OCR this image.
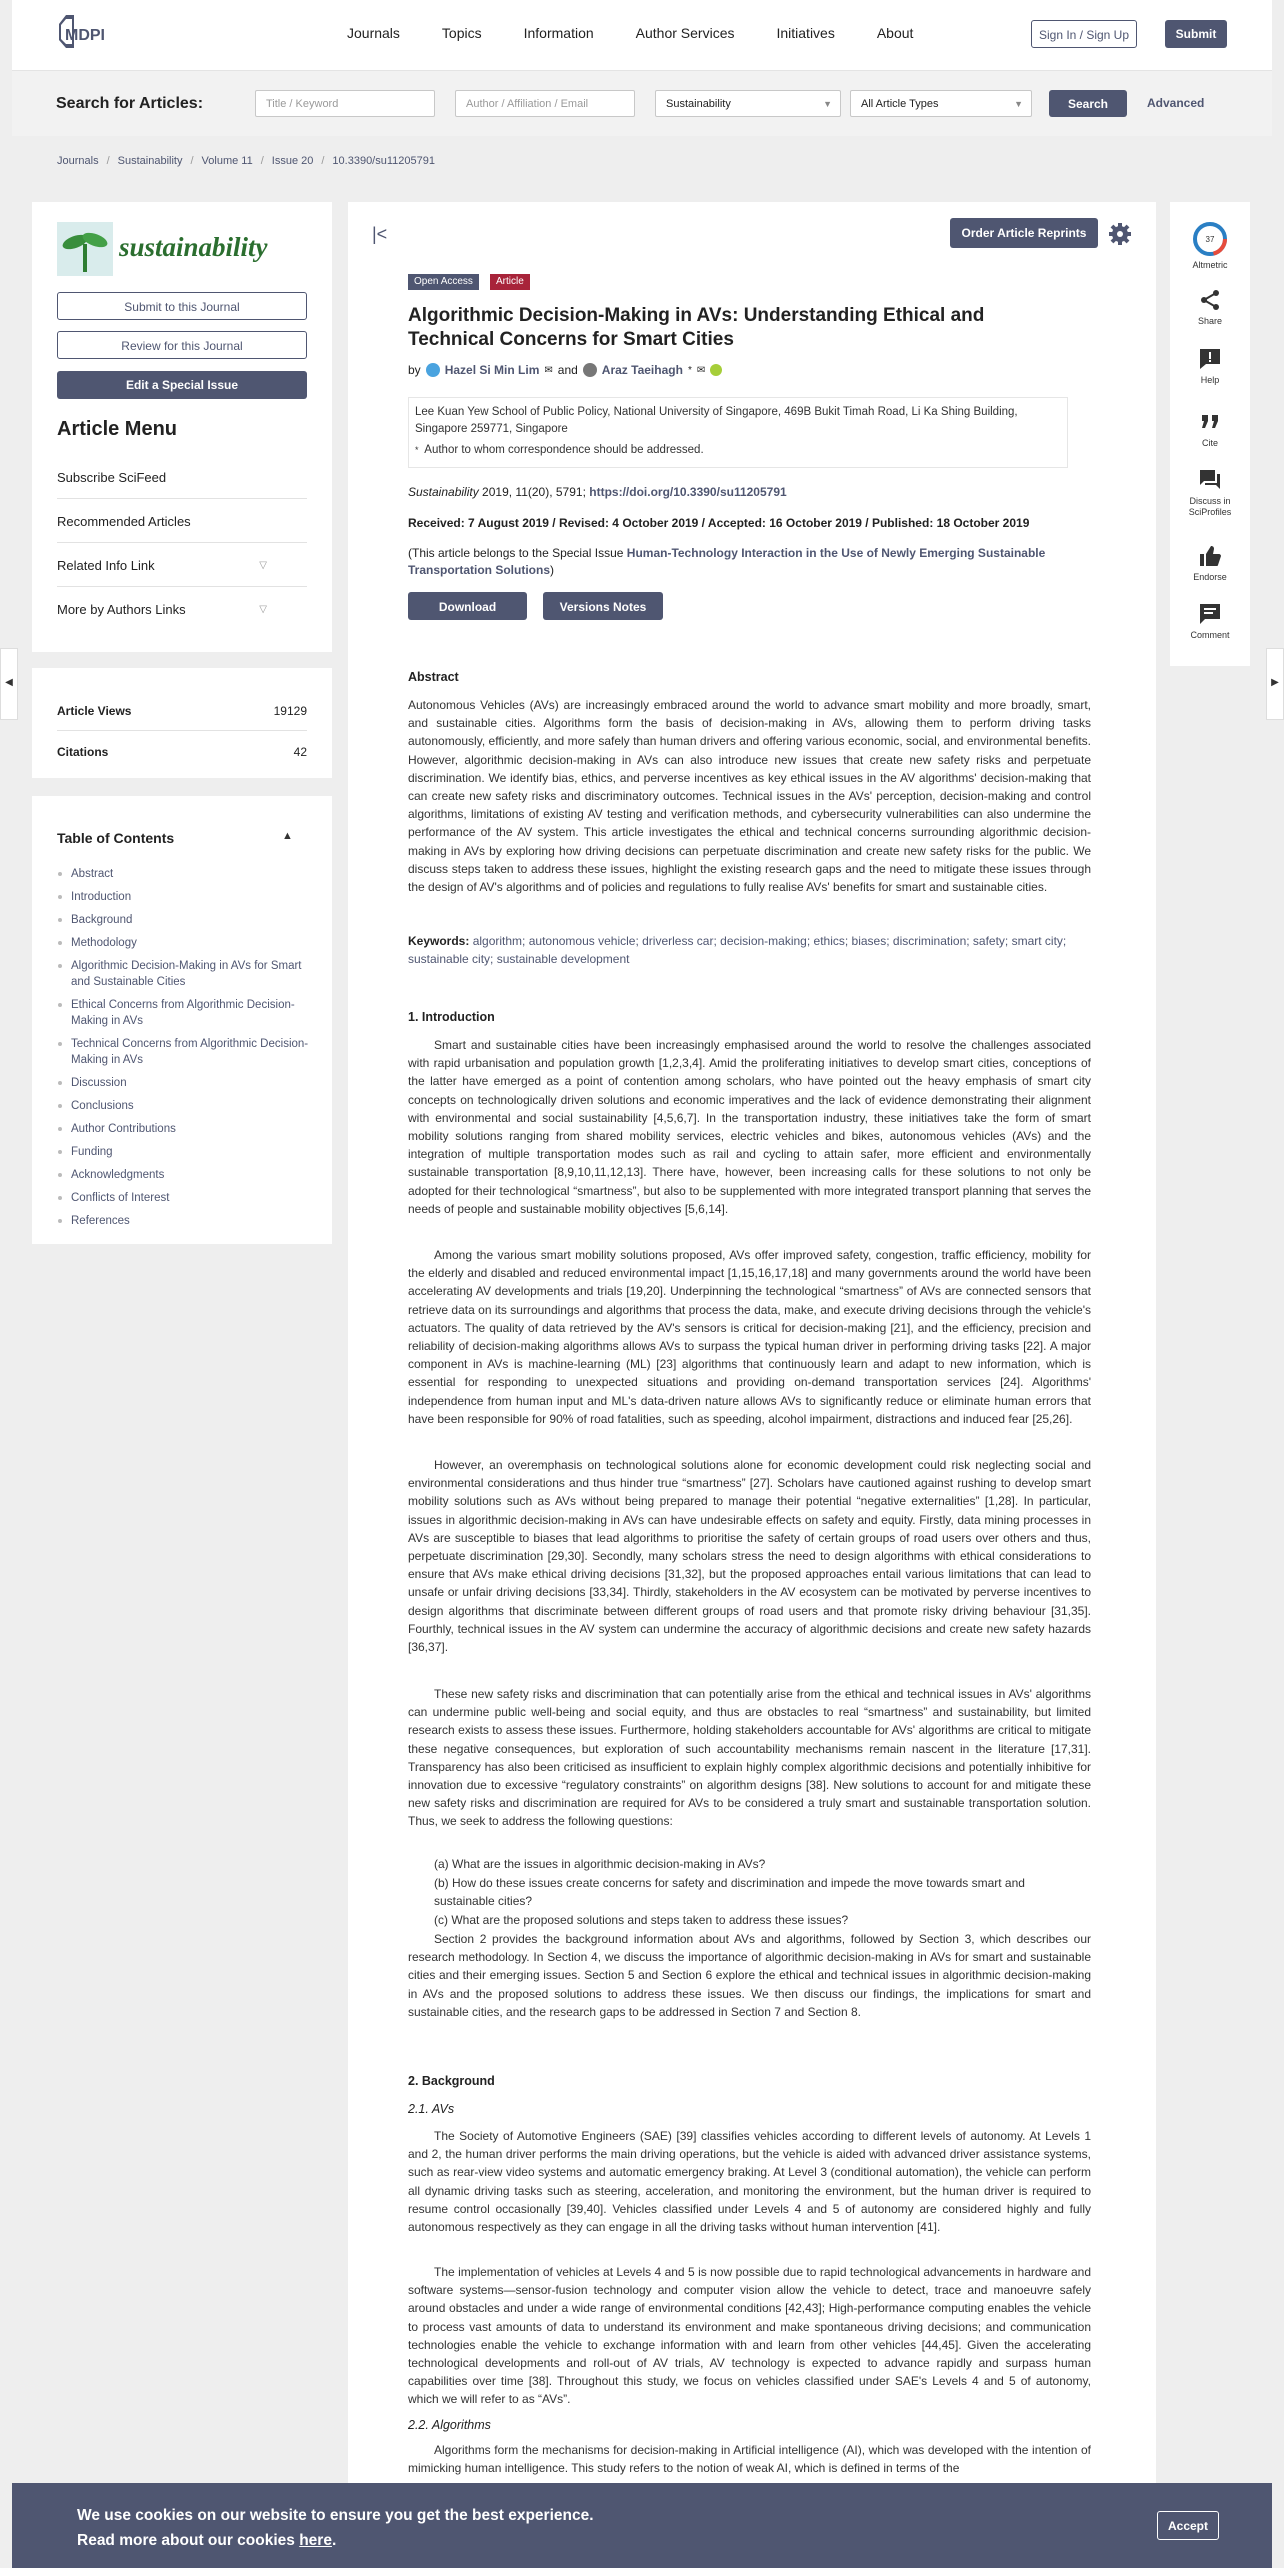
MDPI	Journals	Topics	Information	Author Services	Initiatives	About	Sign In / Sign Up	Submit
Search for Articles:	Title / Keyword	Author / Affiliation / Email	Sustainability	▼	All Article Types	▼	Search	Advanced
Journals / Sustainability / Volume 11 / Issue 20 / 10.3390/su11205791
sustainability
Submit to this Journal
Review for this Journal
Edit a Special Issue
Article Menu
Subscribe SciFeed
Recommended Articles
Related Info Link	▽
More by Authors Links	▽
Article Views	19129
Citations	42
Table of Contents	▲
Abstract
Introduction
Background
Methodology
Algorithmic Decision-Making in AVs for Smart and Sustainable Cities
Ethical Concerns from Algorithmic Decision-Making in AVs
Technical Concerns from Algorithmic Decision-Making in AVs
Discussion
Conclusions
Author Contributions
Funding
Acknowledgments
Conflicts of Interest
References
|<	Order Article Reprints
Open Access	Article
Algorithmic Decision-Making in AVs: Understanding Ethical and Technical Concerns for Smart Cities
by Hazel Si Min Lim ✉ and Araz Taeihagh * ✉
Lee Kuan Yew School of Public Policy, National University of Singapore, 469B Bukit Timah Road, Li Ka Shing Building, Singapore 259771, Singapore
* Author to whom correspondence should be addressed.
Sustainability 2019, 11(20), 5791; https://doi.org/10.3390/su11205791
Received: 7 August 2019 / Revised: 4 October 2019 / Accepted: 16 October 2019 / Published: 18 October 2019
(This article belongs to the Special Issue Human-Technology Interaction in the Use of Newly Emerging Sustainable Transportation Solutions)
Download	Versions Notes
Abstract
Autonomous Vehicles (AVs) are increasingly embraced around the world to advance smart mobility and more broadly, smart, and sustainable cities. Algorithms form the basis of decision-making in AVs, allowing them to perform driving tasks autonomously, efficiently, and more safely than human drivers and offering various economic, social, and environmental benefits. However, algorithmic decision-making in AVs can also introduce new issues that create new safety risks and perpetuate discrimination. We identify bias, ethics, and perverse incentives as key ethical issues in the AV algorithms' decision-making that can create new safety risks and discriminatory outcomes. Technical issues in the AVs' perception, decision-making and control algorithms, limitations of existing AV testing and verification methods, and cybersecurity vulnerabilities can also undermine the performance of the AV system. This article investigates the ethical and technical concerns surrounding algorithmic decision-making in AVs by exploring how driving decisions can perpetuate discrimination and create new safety risks for the public. We discuss steps taken to address these issues, highlight the existing research gaps and the need to mitigate these issues through the design of AV's algorithms and of policies and regulations to fully realise AVs' benefits for smart and sustainable cities.
Keywords: algorithm; autonomous vehicle; driverless car; decision-making; ethics; biases; discrimination; safety; smart city; sustainable city; sustainable development
1. Introduction
Smart and sustainable cities have been increasingly emphasised around the world to resolve the challenges associated with rapid urbanisation and population growth [1,2,3,4]. Amid the proliferating initiatives to develop smart cities, conceptions of the latter have emerged as a point of contention among scholars, who have pointed out the heavy emphasis of smart city concepts on technologically driven solutions and economic imperatives and the lack of evidence demonstrating their alignment with environmental and social sustainability [4,5,6,7]. In the transportation industry, these initiatives take the form of smart mobility solutions ranging from shared mobility services, electric vehicles and bikes, autonomous vehicles (AVs) and the integration of multiple transportation modes such as rail and cycling to attain safer, more efficient and environmentally sustainable transportation [8,9,10,11,12,13]. There have, however, been increasing calls for these solutions to not only be adopted for their technological “smartness”, but also to be supplemented with more integrated transport planning that serves the needs of people and sustainable mobility objectives [5,6,14].
Among the various smart mobility solutions proposed, AVs offer improved safety, congestion, traffic efficiency, mobility for the elderly and disabled and reduced environmental impact [1,15,16,17,18] and many governments around the world have been accelerating AV developments and trials [19,20]. Underpinning the technological “smartness” of AVs are connected sensors that retrieve data on its surroundings and algorithms that process the data, make, and execute driving decisions through the vehicle's actuators. The quality of data retrieved by the AV's sensors is critical for decision-making [21], and the efficiency, precision and reliability of decision-making algorithms allows AVs to surpass the typical human driver in performing driving tasks [22]. A major component in AVs is machine-learning (ML) [23] algorithms that continuously learn and adapt to new information, which is essential for responding to unexpected situations and providing on-demand transportation services [24]. Algorithms' independence from human input and ML's data-driven nature allows AVs to significantly reduce or eliminate human errors that have been responsible for 90% of road fatalities, such as speeding, alcohol impairment, distractions and induced fear [25,26].
However, an overemphasis on technological solutions alone for economic development could risk neglecting social and environmental considerations and thus hinder true “smartness” [27]. Scholars have cautioned against rushing to develop smart mobility solutions such as AVs without being prepared to manage their potential “negative externalities” [1,28]. In particular, issues in algorithmic decision-making in AVs can have undesirable effects on safety and equity. Firstly, data mining processes in AVs are susceptible to biases that lead algorithms to prioritise the safety of certain groups of road users over others and thus, perpetuate discrimination [29,30]. Secondly, many scholars stress the need to design algorithms with ethical considerations to ensure that AVs make ethical driving decisions [31,32], but the proposed approaches entail various limitations that can lead to unsafe or unfair driving decisions [33,34]. Thirdly, stakeholders in the AV ecosystem can be motivated by perverse incentives to design algorithms that discriminate between different groups of road users and that promote risky driving behaviour [31,35]. Fourthly, technical issues in the AV system can undermine the accuracy of algorithmic decisions and create new safety hazards [36,37].
These new safety risks and discrimination that can potentially arise from the ethical and technical issues in AVs' algorithms can undermine public well-being and social equity, and thus are obstacles to real “smartness” and sustainability, but limited research exists to assess these issues. Furthermore, holding stakeholders accountable for AVs' algorithms are critical to mitigate these negative consequences, but exploration of such accountability mechanisms remain nascent in the literature [17,31]. Transparency has also been criticised as insufficient to explain highly complex algorithmic decisions and potentially inhibitive for innovation due to excessive “regulatory constraints” on algorithm designs [38]. New solutions to account for and mitigate these new safety risks and discrimination are required for AVs to be considered a truly smart and sustainable transportation solution. Thus, we seek to address the following questions:
(a) What are the issues in algorithmic decision-making in AVs?
(b) How do these issues create concerns for safety and discrimination and impede the move towards smart and sustainable cities?
(c) What are the proposed solutions and steps taken to address these issues?
Section 2 provides the background information about AVs and algorithms, followed by Section 3, which describes our research methodology. In Section 4, we discuss the importance of algorithmic decision-making in AVs for smart and sustainable cities and their emerging issues. Section 5 and Section 6 explore the ethical and technical issues in algorithmic decision-making in AVs and the proposed solutions to address these issues. We then discuss our findings, the implications for smart and sustainable cities, and the research gaps to be addressed in Section 7 and Section 8.
2. Background
2.1. AVs
The Society of Automotive Engineers (SAE) [39] classifies vehicles according to different levels of autonomy. At Levels 1 and 2, the human driver performs the main driving operations, but the vehicle is aided with advanced driver assistance systems, such as rear-view video systems and automatic emergency braking. At Level 3 (conditional automation), the vehicle can perform all dynamic driving tasks such as steering, acceleration, and monitoring the environment, but the human driver is required to resume control occasionally [39,40]. Vehicles classified under Levels 4 and 5 of autonomy are considered highly and fully autonomous respectively as they can engage in all the driving tasks without human intervention [41].
The implementation of vehicles at Levels 4 and 5 is now possible due to rapid technological advancements in hardware and software systems—sensor-fusion technology and computer vision allow the vehicle to detect, trace and manoeuvre safely around obstacles and under a wide range of environmental conditions [42,43]; High-performance computing enables the vehicle to process vast amounts of data to understand its environment and make spontaneous driving decisions; and communication technologies enable the vehicle to exchange information with and learn from other vehicles [44,45]. Given the accelerating technological developments and roll-out of AV trials, AV technology is expected to advance rapidly and surpass human capabilities over time [38]. Throughout this study, we focus on vehicles classified under SAE's Levels 4 and 5 of autonomy, which we will refer to as “AVs”.
2.2. Algorithms
Algorithms form the mechanisms for decision-making in Artificial intelligence (AI), which was developed with the intention of mimicking human intelligence. This study refers to the notion of weak AI, which is defined in terms of the
37
Altmetric
Share
Help
Cite
Discuss in SciProfiles
Endorse
Comment
◀	▶
We use cookies on our website to ensure you get the best experience.
Read more about our cookies here.
Accept
